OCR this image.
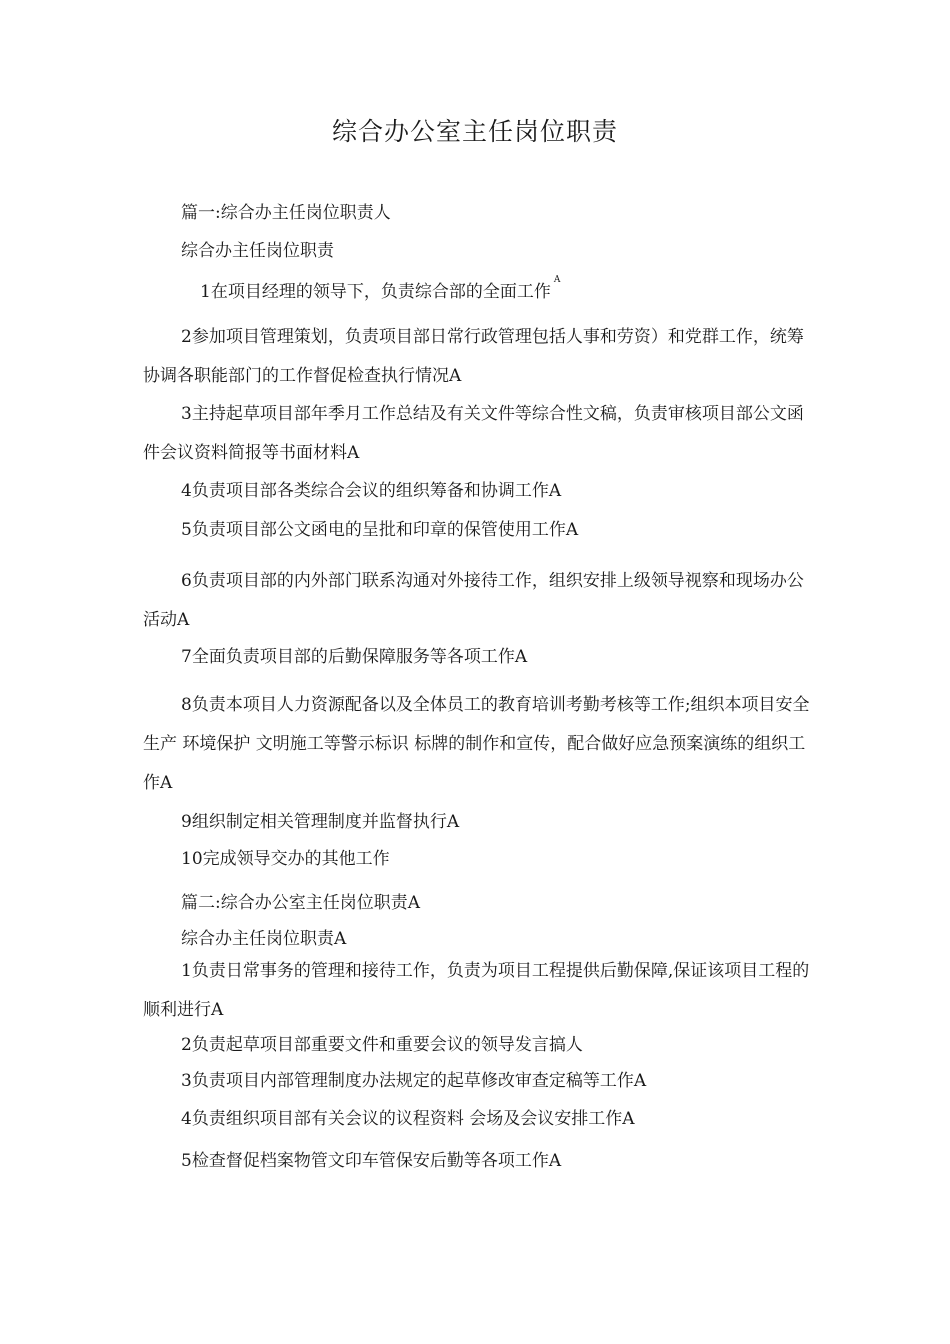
综合办公室主任岗位职责
篇一:综合办主任岗位职责人
综合办主任岗位职责
1在项目经理的领导下，负责综合部的全面工作$^A$

2参加项目管理策划，负责项目部日常行政管理包括人事和劳资）和党群工作，统筹协调各职能部门的工作督促检查执行情况A

3主持起草项目部年季月工作总结及有关文件等综合性文稿，负责审核项目部公文函件会议资料简报等书面材料A

4负责项目部各类综合会议的组织筹备和协调工作A

5负责项目部公文函电的呈批和印章的保管使用工作A

6负责项目部的内外部门联系沟通对外接待工作，组织安排上级领导视察和现场办公活动A

7全面负责项目部的后勤保障服务等各项工作A

8负责本项目人力资源配备以及全体员工的教育培训考勤考核等工作;组织本项目安全生产 环境保护 文明施工等警示标识 标牌的制作和宣传，配合做好应急预案演练的组织工作A

9组织制定相关管理制度并监督执行A

10完成领导交办的其他工作

篇二:综合办公室主任岗位职责A
综合办主任岗位职责A

1负责日常事务的管理和接待工作，负责为项目工程提供后勤保障,保证该项目工程的顺利进行A

2负责起草项目部重要文件和重要会议的领导发言搞人

3负责项目内部管理制度办法规定的起草修改审查定稿等工作A

4负责组织项目部有关会议的议程资料 会场及会议安排工作A

5检查督促档案物管文印车管保安后勤等各项工作A
